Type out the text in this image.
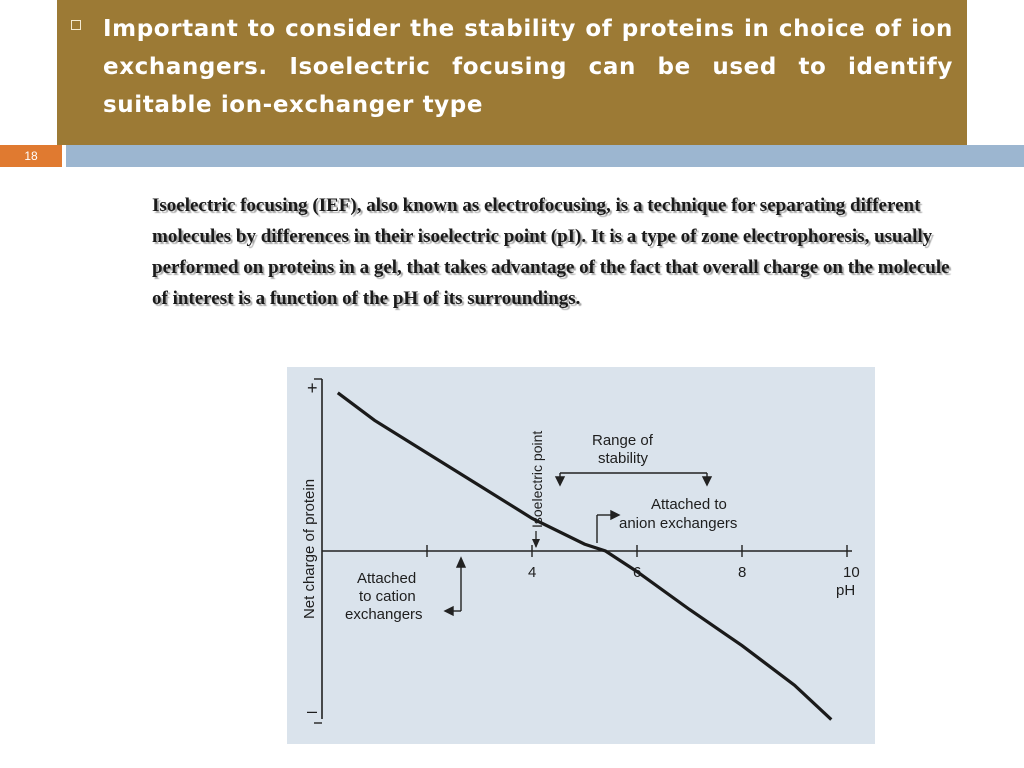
Important to consider the stability of proteins in choice of ion exchangers. Isoelectric focusing can be used to identify suitable ion-exchanger type
18
Isoelectric focusing (IEF), also known as electrofocusing, is a technique for separating different molecules by differences in their isoelectric point (pI). It is a type of zone electrophoresis, usually performed on proteins in a gel, that takes advantage of the fact that overall charge on the molecule of interest is a function of the pH of its surroundings.
4	6	8	10
+
–
Net charge of protein	pH
Isoelectric point	Range of
stability
Attached to
anion exchangers
Attached
to cation
exchangers
